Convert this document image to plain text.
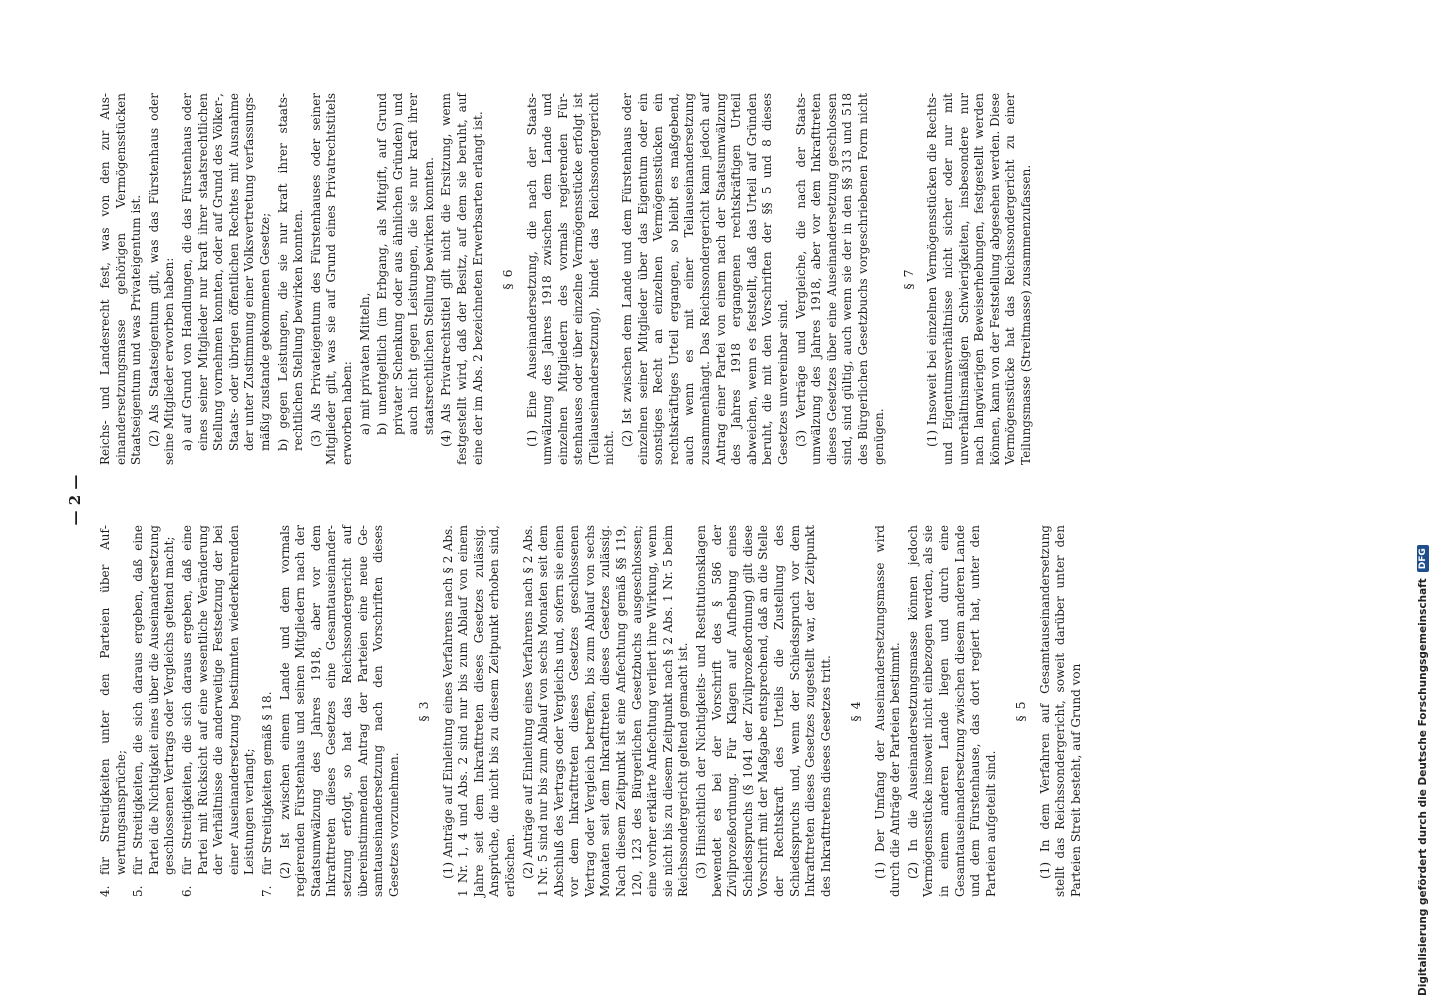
— 2 —
4.
für Streitigkeiten unter den Parteien über Aufwertungsansprüche;
5.
für Streitigkeiten, die sich daraus ergeben, daß eine Partei die Nichtigkeit eines über die Auseinandersetzung geschlossenen Vertrags oder Vergleichs geltend macht;
6.
für Streitigkeiten, die sich daraus ergeben, daß eine Partei mit Rücksicht auf eine wesentliche Veränderung der Verhältnisse die anderweitige Festsetzung der bei einer Auseinandersetzung bestimmten wiederkehrenden Leistungen verlangt;
7.
für Streitigkeiten gemäß § 18. (2) Ist zwischen einem Lande und dem vormals regierenden Fürstenhaus und seinen Mitgliedern nach der Staatsumwälzung des Jahres 1918, aber vor dem Inkrafttreten dieses Gesetzes eine Gesamtauseinandersetzung erfolgt, so hat das Reichssondergericht auf übereinstimmenden Antrag der Parteien eine neue Gesamtauseinandersetzung nach den Vorschriften dieses Gesetzes vorzunehmen.

§ 3 (1) Anträge auf Einleitung eines Verfahrens nach § 2 Abs. 1 Nr. 1, 4 und Abs. 2 sind nur bis zum Ablauf von einem Jahre seit dem Inkrafttreten dieses Gesetzes zulässig. Ansprüche, die nicht bis zu diesem Zeitpunkt erhoben sind, erlöschen. (2) Anträge auf Einleitung eines Verfahrens nach § 2 Abs. 1 Nr. 5 sind nur bis zum Ablauf von sechs Monaten seit dem Abschluß des Vertrags oder Vergleichs und, sofern sie einen vor dem Inkrafttreten dieses Gesetzes geschlossenen Vertrag oder Vergleich betreffen, bis zum Ablauf von sechs Monaten seit dem Inkrafttreten dieses Gesetzes zulässig. Nach diesem Zeitpunkt ist eine Anfechtung gemäß §§ 119, 120, 123 des Bürgerlichen Gesetzbuchs ausgeschlossen; eine vorher erklärte Anfechtung verliert ihre Wirkung, wenn sie nicht bis zu diesem Zeitpunkt nach § 2 Abs. 1 Nr. 5 beim Reichssondergericht geltend gemacht ist. (3) Hinsichtlich der Nichtigkeits- und Restitutionsklagen bewendet es bei der Vorschrift des § 586 der Zivilprozeßordnung. Für Klagen auf Aufhebung eines Schiedsspruchs (§ 1041 der Zivilprozeßordnung) gilt diese Vorschrift mit der Maßgabe entsprechend, daß an die Stelle der Rechtskraft des Urteils die Zustellung des Schiedsspruchs und, wenn der Schiedsspruch vor dem Inkrafttreten dieses Gesetzes zugestellt war, der Zeitpunkt des Inkrafttretens dieses Gesetzes tritt. § 4 (1) Der Umfang der Auseinandersetzungsmasse wird durch die Anträge der Parteien bestimmt. (2) In die Auseinandersetzungsmasse können jedoch Vermögensstücke insoweit nicht einbezogen werden, als sie in einem anderen Lande liegen und durch eine Gesamtauseinandersetzung zwischen diesem anderen Lande und dem Fürstenhause, das dort regiert hat, unter den Parteien aufgeteilt sind.

§ 5 (1) In dem Verfahren auf Gesamtauseinandersetzung stellt das Reichssondergericht, soweit darüber unter den Parteien Streit besteht, auf Grund von

Reichs- und Landesrecht fest, was von den zur Auseinandersetzungsmasse gehörigen Vermögensstücken Staatseigentum und was Privateigentum ist. (2) Als Staatseigentum gilt, was das Fürstenhaus oder seine Mitglieder erworben haben: a) auf Grund von Handlungen, die das Fürstenhaus oder eines seiner Mitglieder nur kraft ihrer staatsrechtlichen Stellung vornehmen konnten, oder auf Grund des Völker-, Staats- oder übrigen öffentlichen Rechtes mit Ausnahme der unter Zustimmung einer Volksvertretung verfassungsmäßig zustande gekommenen Gesetze; b) gegen Leistungen, die sie nur kraft ihrer staatsrechtlichen Stellung bewirken konnten. (3) Als Privateigentum des Fürstenhauses oder seiner Mitglieder gilt, was sie auf Grund eines Privatrechtstitels erworben haben: a) mit privaten Mitteln, b) unentgeltlich (im Erbgang, als Mitgift, auf Grund privater Schenkung oder aus ähnlichen Gründen) und auch nicht gegen Leistungen, die sie nur kraft ihrer staatsrechtlichen Stellung bewirken konnten. (4) Als Privatrechtstitel gilt nicht die Ersitzung, wenn festgestellt wird, daß der Besitz, auf dem sie beruht, auf eine der im Abs. 2 bezeichneten Erwerbsarten erlangt ist. § 6 (1) Eine Auseinandersetzung, die nach der Staatsumwälzung des Jahres 1918 zwischen dem Lande und einzelnen Mitgliedern des vormals regierenden Fürstenhauses oder über einzelne Vermögensstücke erfolgt ist (Teilauseinandersetzung), bindet das Reichssondergericht nicht.

(2) Ist zwischen dem Lande und dem Fürstenhaus oder einzelnen seiner Mitglieder über das Eigentum oder ein sonstiges Recht an einzelnen Vermögensstücken ein rechtskräftiges Urteil ergangen, so bleibt es maßgebend, auch wenn es mit einer Teilauseinandersetzung zusammenhängt. Das Reichssondergericht kann jedoch auf Antrag einer Partei von einem nach der Staatsumwälzung des Jahres 1918 ergangenen rechtskräftigen Urteil abweichen, wenn es feststellt, daß das Urteil auf Gründen beruht, die mit den Vorschriften der §§ 5 und 8 dieses Gesetzes unvereinbar sind. (3) Verträge und Vergleiche, die nach der Staatsumwälzung des Jahres 1918, aber vor dem Inkrafttreten dieses Gesetzes über eine Auseinandersetzung geschlossen sind, sind gültig, auch wenn sie der in den §§ 313 und 518 des Bürgerlichen Gesetzbuchs vorgeschriebenen Form nicht genügen.

§ 7 (1) Insoweit bei einzelnen Vermögensstücken die Rechts- und Eigentumsverhältnisse nicht sicher oder nur mit unverhältnismäßigen Schwierigkeiten, insbesondere nur nach langwierigen Beweiserhebungen, festgestellt werden können, kann von der Feststellung abgesehen werden. Diese Vermögensstücke hat das Reichssondergericht zu einer Teilungsmasse (Streitmasse) zusammenzufassen.

Digitalisierung gefördert durch die Deutsche Forschungsgemeinschaft
DFG
